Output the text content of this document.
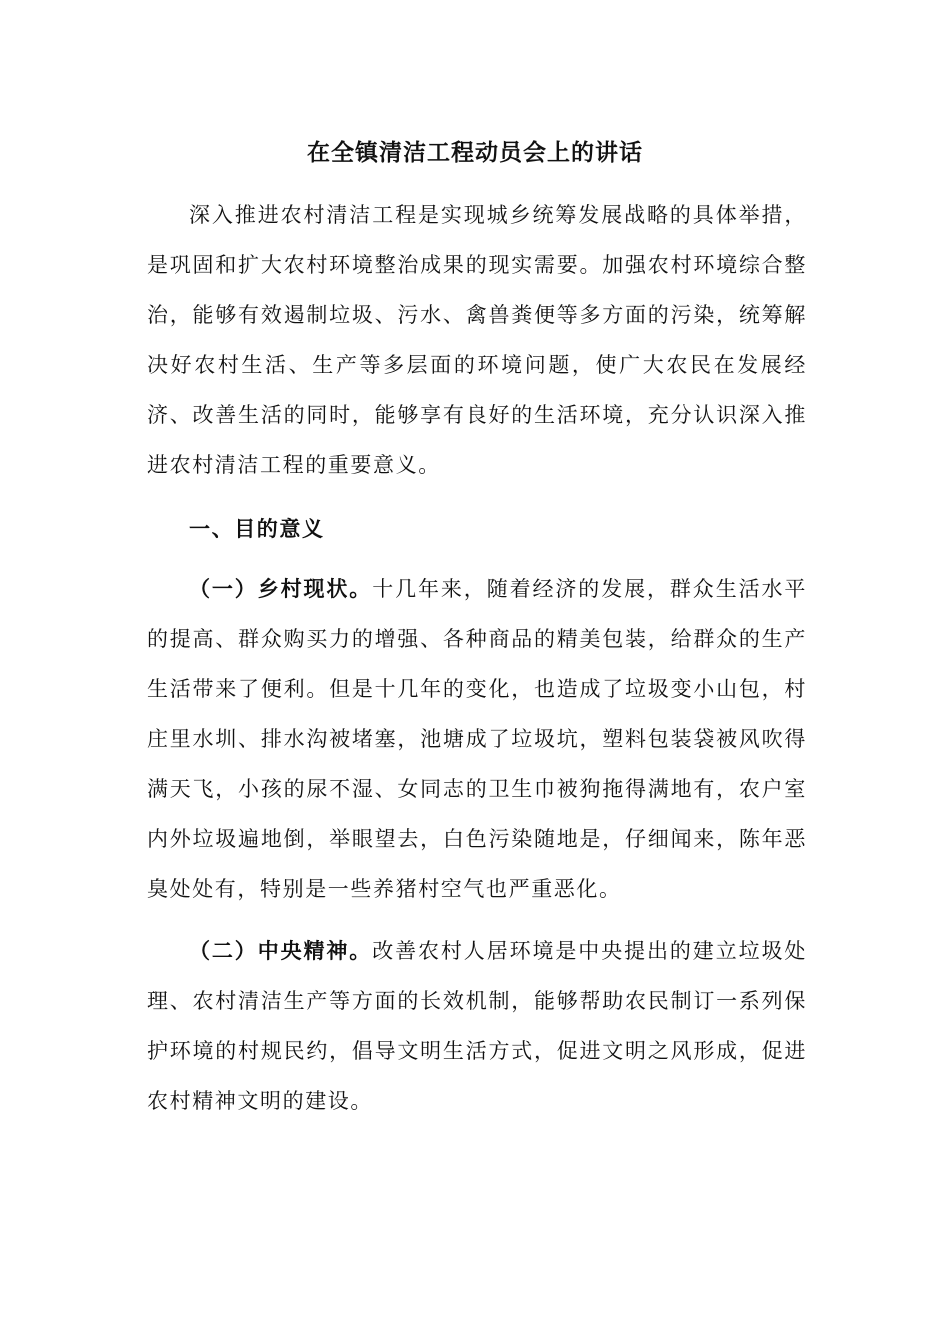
在全镇清洁工程动员会上的讲话

深入推进农村清洁工程是实现城乡统筹发展战略的具体举措，是巩固和扩大农村环境整治成果的现实需要。加强农村环境综合整治，能够有效遏制垃圾、污水、禽兽粪便等多方面的污染，统筹解决好农村生活、生产等多层面的环境问题，使广大农民在发展经济、改善生活的同时，能够享有良好的生活环境，充分认识深入推进农村清洁工程的重要意义。

一、目的意义

（一）乡村现状。十几年来，随着经济的发展，群众生活水平的提高、群众购买力的增强、各种商品的精美包装，给群众的生产生活带来了便利。但是十几年的变化，也造成了垃圾变小山包，村庄里水圳、排水沟被堵塞，池塘成了垃圾坑，塑料包装袋被风吹得满天飞，小孩的尿不湿、女同志的卫生巾被狗拖得满地有，农户室内外垃圾遍地倒，举眼望去，白色污染随地是，仔细闻来，陈年恶臭处处有，特别是一些养猪村空气也严重恶化。

（二）中央精神。改善农村人居环境是中央提出的建立垃圾处理、农村清洁生产等方面的长效机制，能够帮助农民制订一系列保护环境的村规民约，倡导文明生活方式，促进文明之风形成，促进农村精神文明的建设。
